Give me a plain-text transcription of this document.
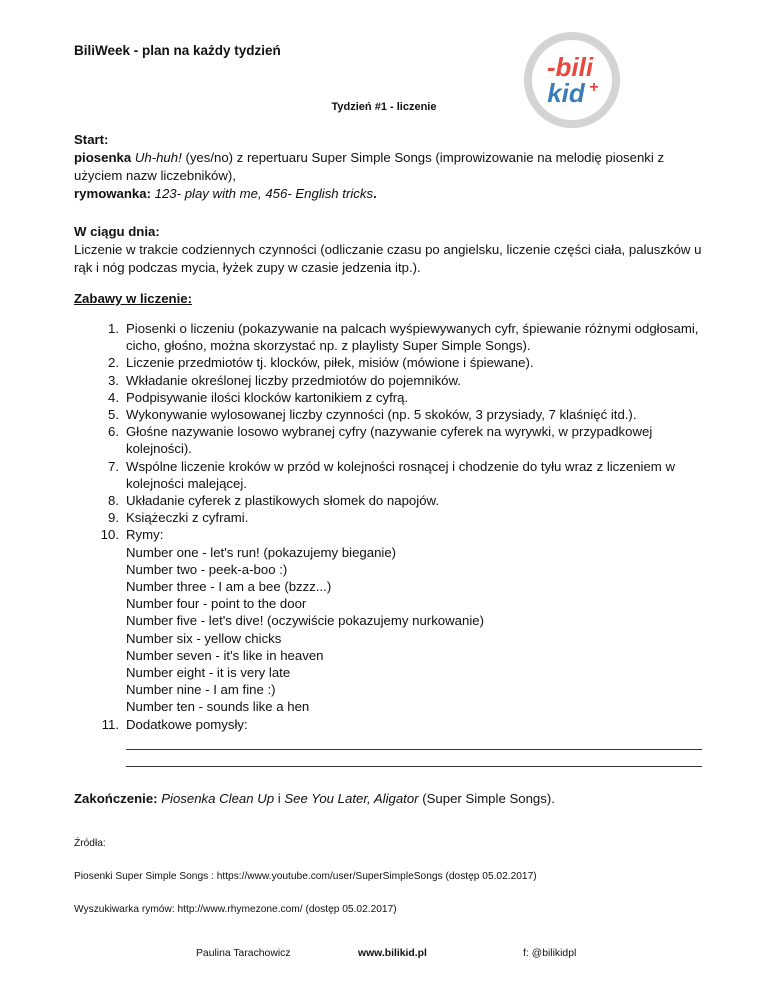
BiliWeek - plan na każdy tydzień
-bili
kid +
Tydzień #1 - liczenie
Start:
piosenka Uh-huh! (yes/no) z repertuaru Super Simple Songs (improwizowanie na melodię piosenki z użyciem nazw liczebników),
rymowanka: 123- play with me, 456- English tricks.
W ciągu dnia:
Liczenie w trakcie codziennych czynności (odliczanie czasu po angielsku, liczenie części ciała, paluszków u rąk i nóg podczas mycia, łyżek zupy w czasie jedzenia itp.).
Zabawy w liczenie:
1. Piosenki o liczeniu (pokazywanie na palcach wyśpiewywanych cyfr, śpiewanie różnymi odgłosami, cicho, głośno, można skorzystać np. z playlisty Super Simple Songs).
2. Liczenie przedmiotów tj. klocków, piłek, misiów (mówione i śpiewane).
3. Wkładanie określonej liczby przedmiotów do pojemników.
4. Podpisywanie ilości klocków kartonikiem z cyfrą.
5. Wykonywanie wylosowanej liczby czynności (np. 5 skoków, 3 przysiady, 7 klaśnięć itd.).
6. Głośne nazywanie losowo wybranej cyfry (nazywanie cyferek na wyrywki, w przypadkowej kolejności).
7. Wspólne liczenie kroków w przód w kolejności rosnącej i chodzenie do tyłu wraz z liczeniem w kolejności malejącej.
8. Układanie cyferek z plastikowych słomek do napojów.
9. Książeczki z cyframi.
10. Rymy:
Number one - let's run! (pokazujemy bieganie)
Number two - peek-a-boo :)
Number three - I am a bee (bzzz...)
Number four - point to the door
Number five - let's dive! (oczywiście pokazujemy nurkowanie)
Number six - yellow chicks
Number seven - it's like in heaven
Number eight - it is very late
Number nine - I am fine :)
Number ten - sounds like a hen
11. Dodatkowe pomysły:
Zakończenie: Piosenka Clean Up i See You Later, Aligator (Super Simple Songs).
Źródła:
Piosenki Super Simple Songs : https://www.youtube.com/user/SuperSimpleSongs (dostęp 05.02.2017)
Wyszukiwarka rymów: http://www.rhymezone.com/ (dostęp 05.02.2017)
Paulina Tarachowicz	www.bilikid.pl	f: @bilikidpl
